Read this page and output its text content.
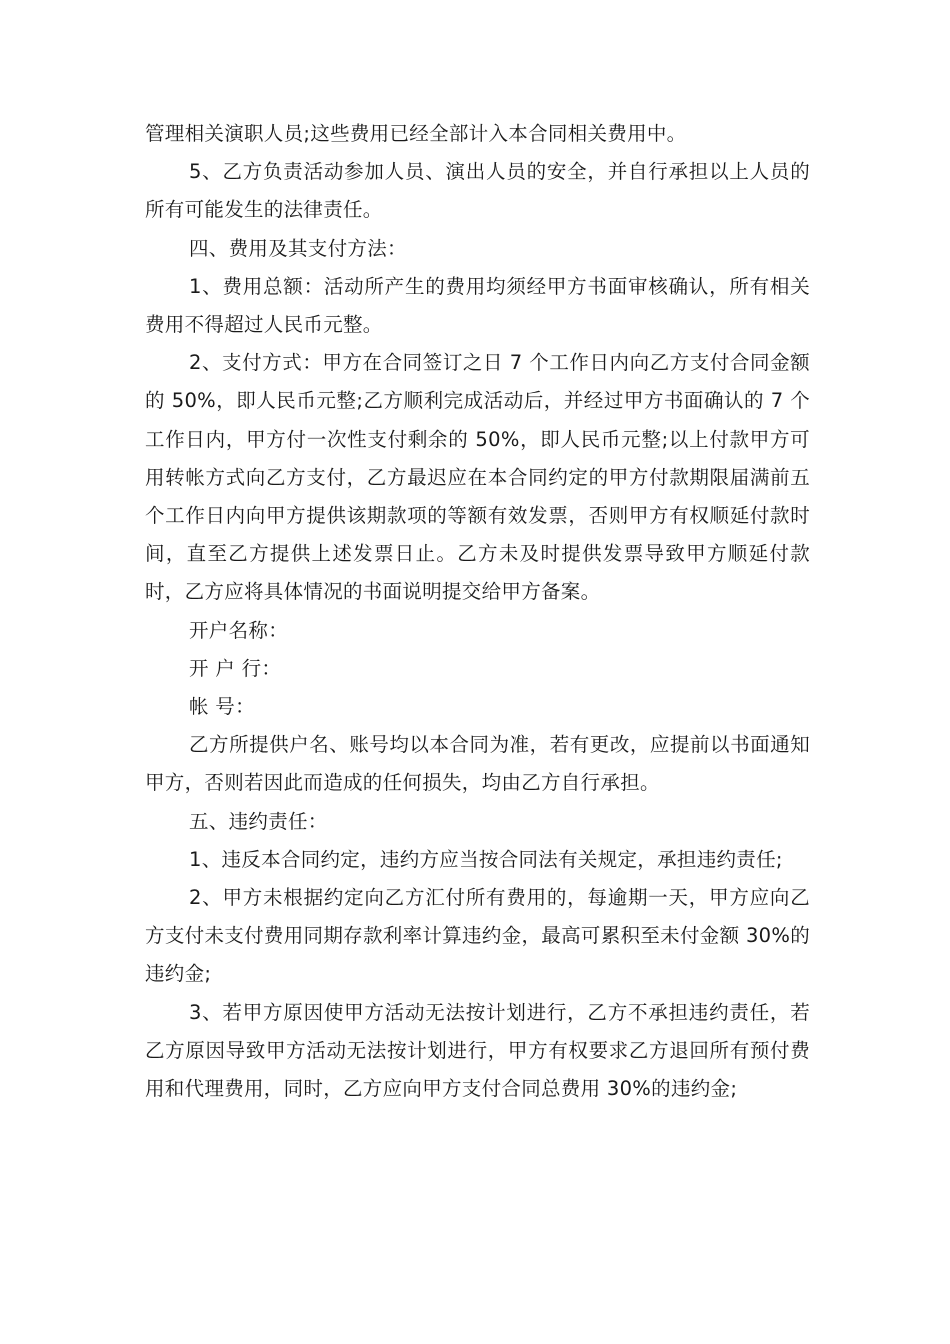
管理相关演职人员;这些费用已经全部计入本合同相关费用中。

5、乙方负责活动参加人员、演出人员的安全，并自行承担以上人员的所有可能发生的法律责任。

四、费用及其支付方法：

1、费用总额：活动所产生的费用均须经甲方书面审核确认，所有相关费用不得超过人民币元整。

2、支付方式：甲方在合同签订之日 7 个工作日内向乙方支付合同金额的 50%，即人民币元整;乙方顺利完成活动后，并经过甲方书面确认的 7 个工作日内，甲方付一次性支付剩余的 50%，即人民币元整;以上付款甲方可用转帐方式向乙方支付，乙方最迟应在本合同约定的甲方付款期限届满前五个工作日内向甲方提供该期款项的等额有效发票，否则甲方有权顺延付款时间，直至乙方提供上述发票日止。乙方未及时提供发票导致甲方顺延付款时，乙方应将具体情况的书面说明提交给甲方备案。

开户名称：

开 户 行：

帐 号：

乙方所提供户名、账号均以本合同为准，若有更改，应提前以书面通知甲方，否则若因此而造成的任何损失，均由乙方自行承担。

五、违约责任：

1、违反本合同约定，违约方应当按合同法有关规定，承担违约责任;

2、甲方未根据约定向乙方汇付所有费用的，每逾期一天，甲方应向乙方支付未支付费用同期存款利率计算违约金，最高可累积至未付金额 30%的违约金;

3、若甲方原因使甲方活动无法按计划进行，乙方不承担违约责任，若乙方原因导致甲方活动无法按计划进行，甲方有权要求乙方退回所有预付费用和代理费用，同时，乙方应向甲方支付合同总费用 30%的违约金;
